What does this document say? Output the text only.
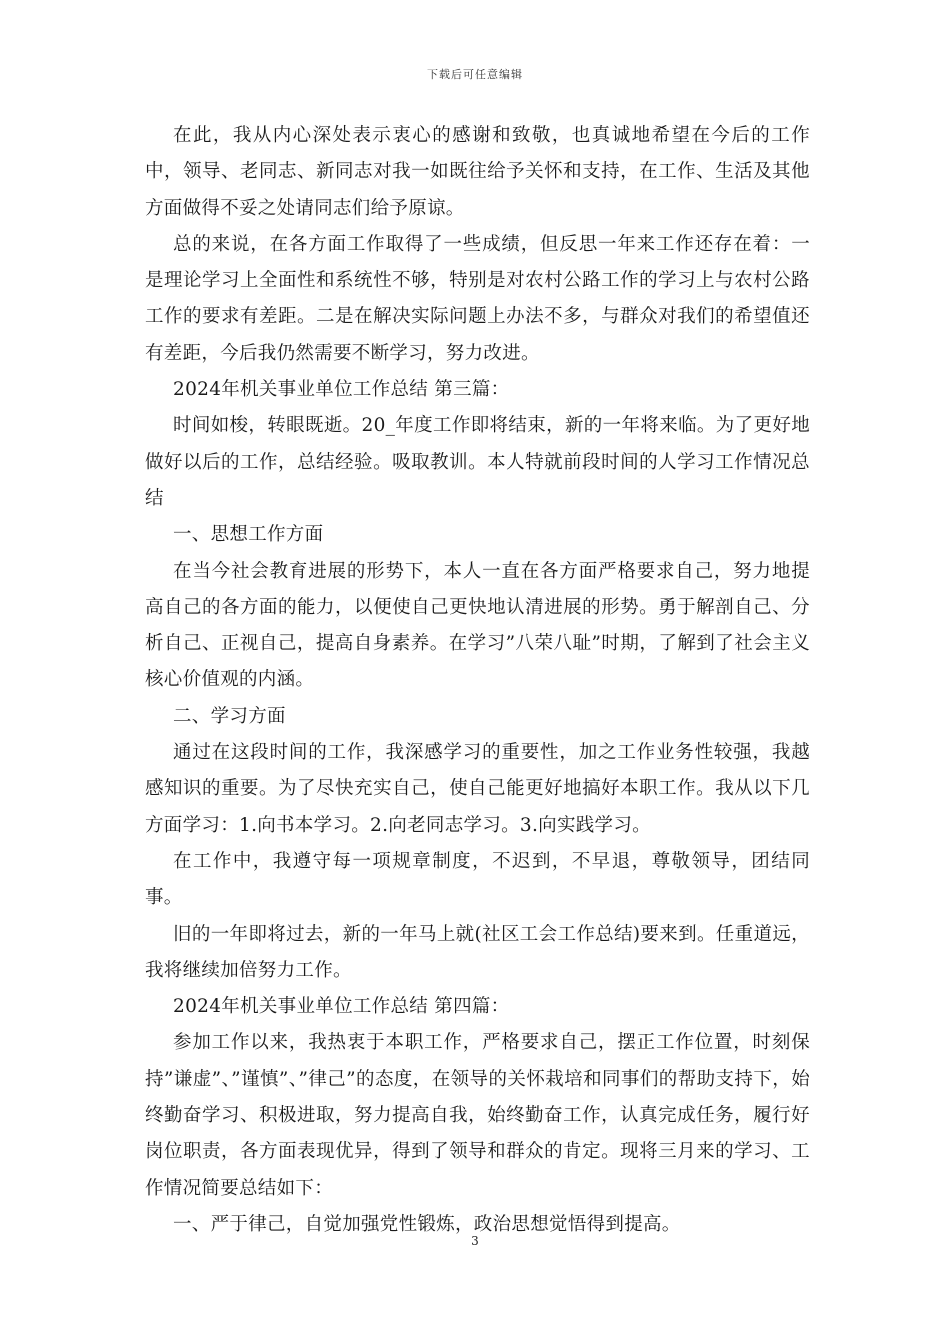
下载后可任意编辑

在此，我从内心深处表示衷心的感谢和致敬，也真诚地希望在今后的工作中，领导、老同志、新同志对我一如既往给予关怀和支持，在工作、生活及其他方面做得不妥之处请同志们给予原谅。

总的来说，在各方面工作取得了一些成绩，但反思一年来工作还存在着：一是理论学习上全面性和系统性不够，特别是对农村公路工作的学习上与农村公路工作的要求有差距。二是在解决实际问题上办法不多，与群众对我们的希望值还有差距，今后我仍然需要不断学习，努力改进。

2024年机关事业单位工作总结 第三篇：

时间如梭，转眼既逝。20_年度工作即将结束，新的一年将来临。为了更好地做好以后的工作，总结经验。吸取教训。本人特就前段时间的人学习工作情况总结

一、思想工作方面

在当今社会教育进展的形势下，本人一直在各方面严格要求自己，努力地提高自己的各方面的能力，以便使自己更快地认清进展的形势。勇于解剖自己、分析自己、正视自己，提高自身素养。在学习”八荣八耻”时期，了解到了社会主义核心价值观的内涵。

二、学习方面

通过在这段时间的工作，我深感学习的重要性，加之工作业务性较强，我越感知识的重要。为了尽快充实自己，使自己能更好地搞好本职工作。我从以下几方面学习：1.向书本学习。2.向老同志学习。3.向实践学习。

在工作中，我遵守每一项规章制度，不迟到，不早退，尊敬领导，团结同事。

旧的一年即将过去，新的一年马上就(社区工会工作总结)要来到。任重道远，我将继续加倍努力工作。

2024年机关事业单位工作总结 第四篇：

参加工作以来，我热衷于本职工作，严格要求自己，摆正工作位置，时刻保持”谦虚”、”谨慎”、”律己”的态度，在领导的关怀栽培和同事们的帮助支持下，始终勤奋学习、积极进取，努力提高自我，始终勤奋工作，认真完成任务，履行好岗位职责，各方面表现优异，得到了领导和群众的肯定。现将三月来的学习、工作情况简要总结如下：

一、严于律己，自觉加强党性锻炼，政治思想觉悟得到提高。

3
